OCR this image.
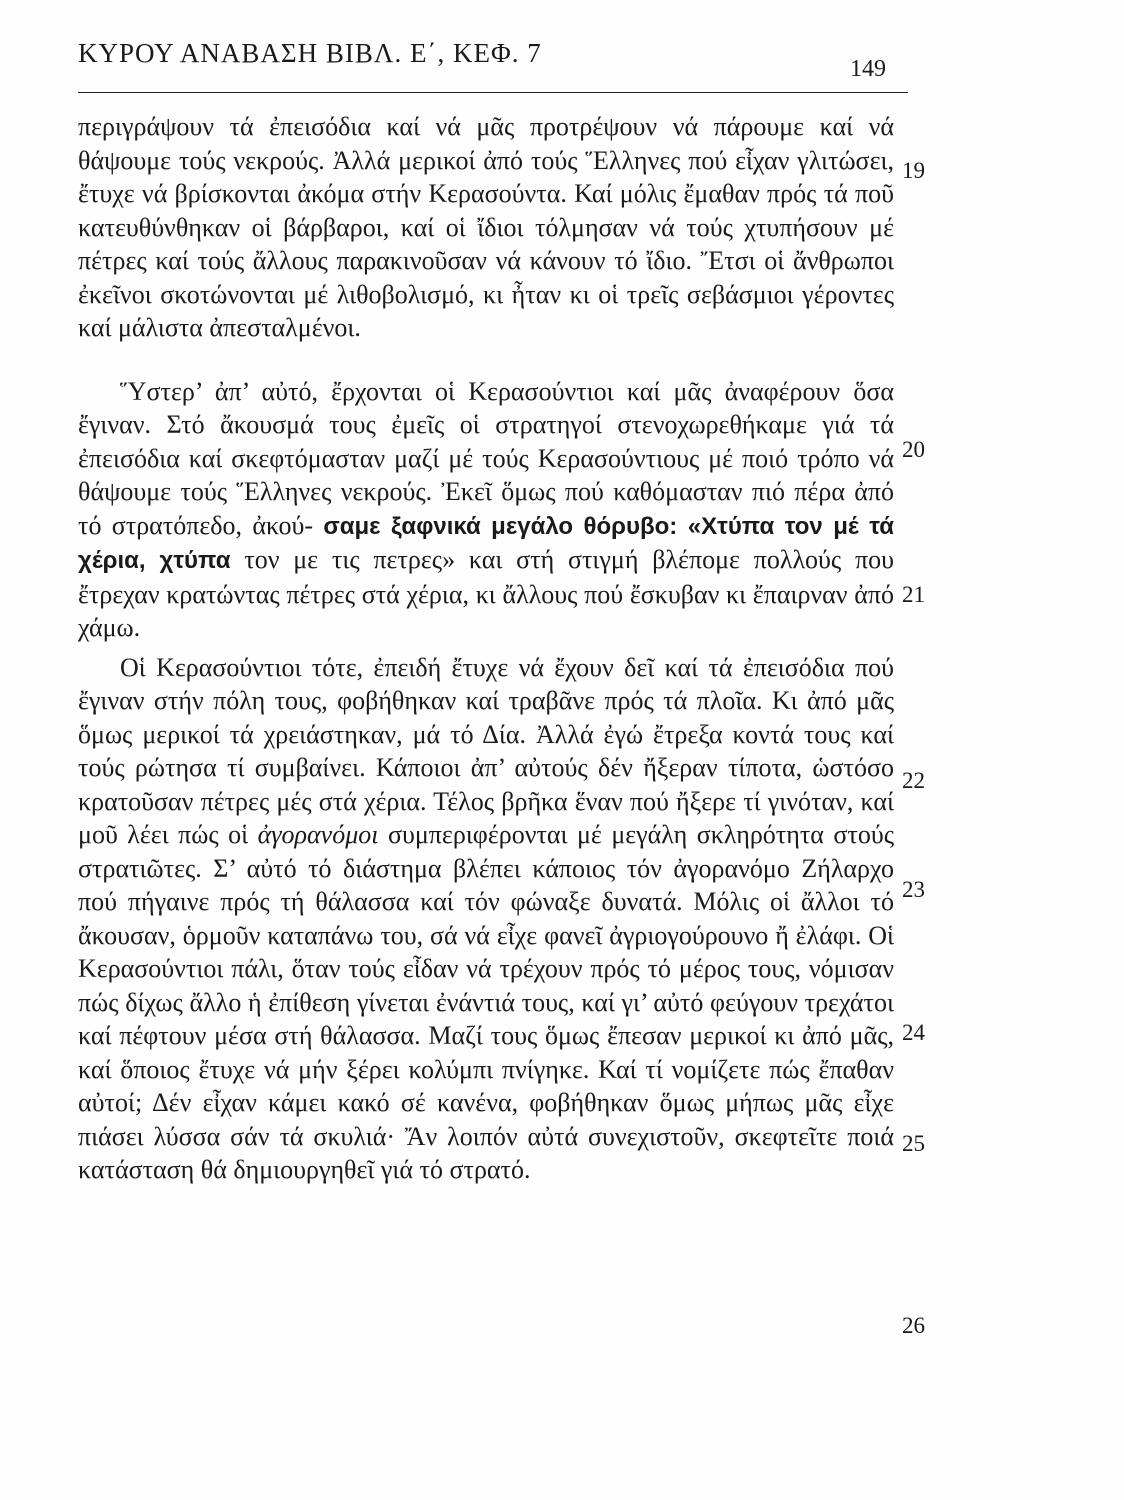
ΚΥΡΟΥ ΑΝΑΒΑΣΗ ΒΙΒΛ. Ε΄, ΚΕΦ. 7
149

περιγράψουν τά ἐπεισόδια καί νά μᾶς προτρέψουν νά πάρουμε καί νά θάψουμε τούς νεκρούς. Ἀλλά μερικοί ἀπό τούς Ἕλληνες πού εἶχαν γλιτώσει, ἔτυχε νά βρίσκονται ἀκόμα στήν Κερασούντα. Καί μόλις ἔμαθαν πρός τά ποῦ κατευθύνθηκαν οἱ βάρβαροι, καί οἱ ἴδιοι τόλμησαν νά τούς χτυπήσουν μέ πέτρες καί τούς ἄλλους παρακινοῦσαν νά κάνουν τό ἴδιο. Ἔτσι οἱ ἄνθρωποι ἐκεῖνοι σκοτώνονται μέ λιθοβολισμό, κι ἦταν κι οἱ τρεῖς σεβάσμιοι γέροντες καί μάλιστα ἀπεσταλμένοι.

Ὕστερ’ ἀπ’ αὐτό, ἔρχονται οἱ Κερασούντιοι καί μᾶς ἀναφέρουν ὅσα ἔγιναν. Στό ἄκουσμά τους ἐμεῖς οἱ στρατηγοί στενοχωρεθήκαμε γιά τά ἐπεισόδια καί σκεφτόμασταν μαζί μέ τούς Κερασούντιους μέ ποιό τρόπο νά θάψουμε τούς Ἕλληνες νεκρούς. Ἐκεῖ ὅμως πού καθόμασταν πιό πέρα ἀπό τό στρατόπεδο, ἀκού- σαμε ξαφνικά μεγάλο θόρυβο: «Χτύπα τον μέ τά χέρια, χτύπα τον με τις πετρες» και στή στιγμή βλέπομε πολλούς που ἔτρεχαν κρατώντας πέτρες στά χέρια, κι ἄλλους πού ἔσκυβαν κι ἔπαιρναν ἀπό χάμω.

Οἱ Κερασούντιοι τότε, ἐπειδή ἔτυχε νά ἔχουν δεῖ καί τά ἐπεισόδια πού ἔγιναν στήν πόλη τους, φοβήθηκαν καί τραβᾶνε πρός τά πλοῖα. Κι ἀπό μᾶς ὅμως μερικοί τά χρειάστηκαν, μά τό Δία. Ἀλλά ἐγώ ἔτρεξα κοντά τους καί τούς ρώτησα τί συμβαίνει. Κάποιοι ἀπ’ αὐτούς δέν ἤξεραν τίποτα, ὡστόσο κρατοῦσαν πέτρες μές στά χέρια. Τέλος βρῆκα ἕναν πού ἤξερε τί γινόταν, καί μοῦ λέει πώς οἱ ἀγορανόμοι συμπεριφέρονται μέ μεγάλη σκληρότητα στούς στρατιῶτες. Σ’ αὐτό τό διάστημα βλέπει κάποιος τόν ἀγορανόμο Ζήλαρχο πού πήγαινε πρός τή θάλασσα καί τόν φώναξε δυνατά. Μόλις οἱ ἄλλοι τό ἄκουσαν, ὁρμοῦν καταπάνω του, σά νά εἶχε φανεῖ ἀγριογούρουνο ἤ ἐλάφι. Οἱ Κερασούντιοι πάλι, ὅταν τούς εἶδαν νά τρέχουν πρός τό μέρος τους, νόμισαν πώς δίχως ἄλλο ἡ ἐπίθεση γίνεται ἐνάντιά τους, καί γι’ αὐτό φεύγουν τρεχάτοι καί πέφτουν μέσα στή θάλασσα. Μαζί τους ὅμως ἔπεσαν μερικοί κι ἀπό μᾶς, καί ὅποιος ἔτυχε νά μήν ξέρει κολύμπι πνίγηκε. Καί τί νομίζετε πώς ἔπαθαν αὐτοί; Δέν εἶχαν κάμει κακό σέ κανένα, φοβήθηκαν ὅμως μήπως μᾶς εἶχε πιάσει λύσσα σάν τά σκυλιά· Ἄν λοιπόν αὐτά συνεχιστοῦν, σκεφτεῖτε ποιά κατάσταση θά δημιουργηθεῖ γιά τό στρατό.

19
20
21
22
23
24
25
26
